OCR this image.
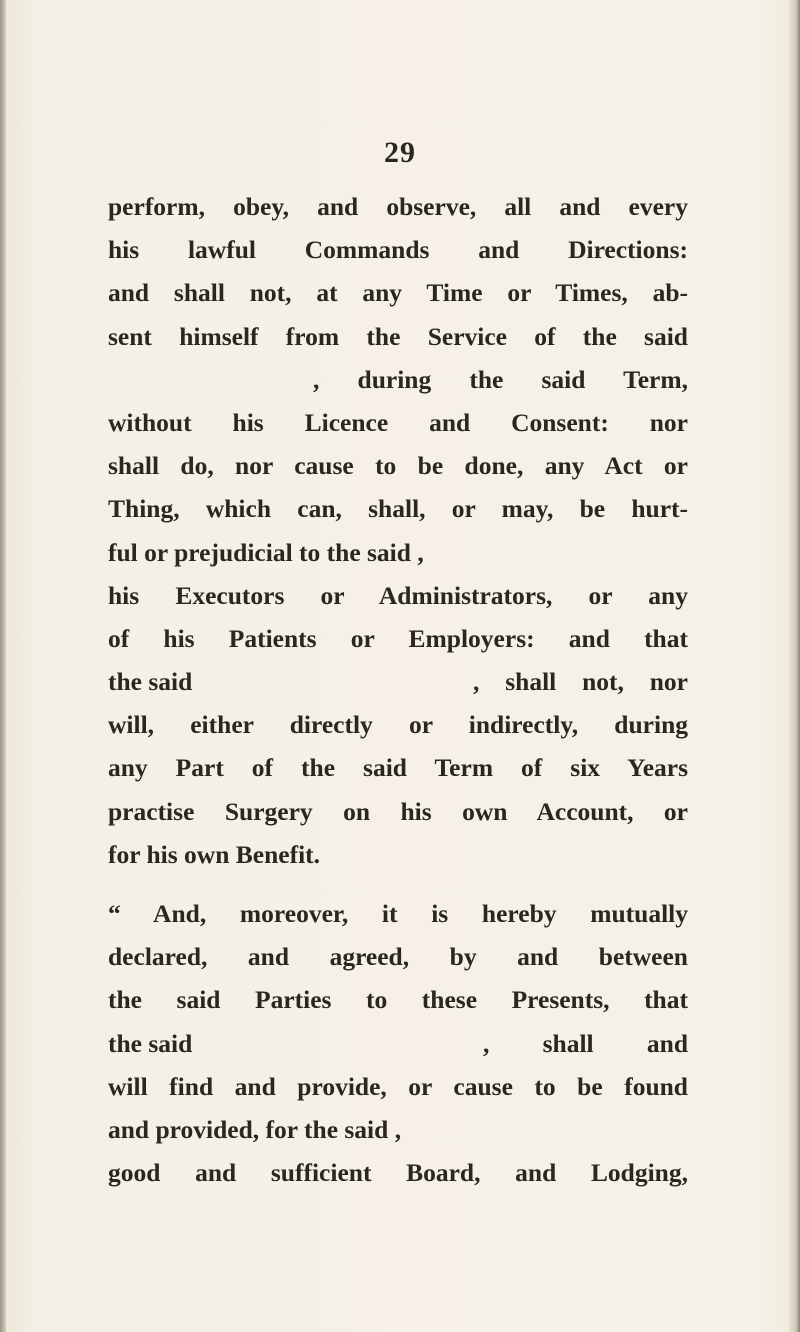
29
perform, obey, and observe, all and every
his lawful Commands and Directions:
and shall not, at any Time or Times, ab-
sent himself from the Service of the said
, during the said Term,
without his Licence and Consent: nor
shall do, nor cause to be done, any Act or
Thing, which can, shall, or may, be hurt-
ful or prejudicial to the said ,
his Executors or Administrators, or any
of his Patients or Employers: and that
the said	, shall not, nor
will, either directly or indirectly, during
any Part of the said Term of six Years
practise Surgery on his own Account, or
for his own Benefit.
“ And, moreover, it is hereby mutually
declared, and agreed, by and between
the said Parties to these Presents, that
the said	, shall and
will find and provide, or cause to be found
and provided, for the said ,
good and sufficient Board, and Lodging,
